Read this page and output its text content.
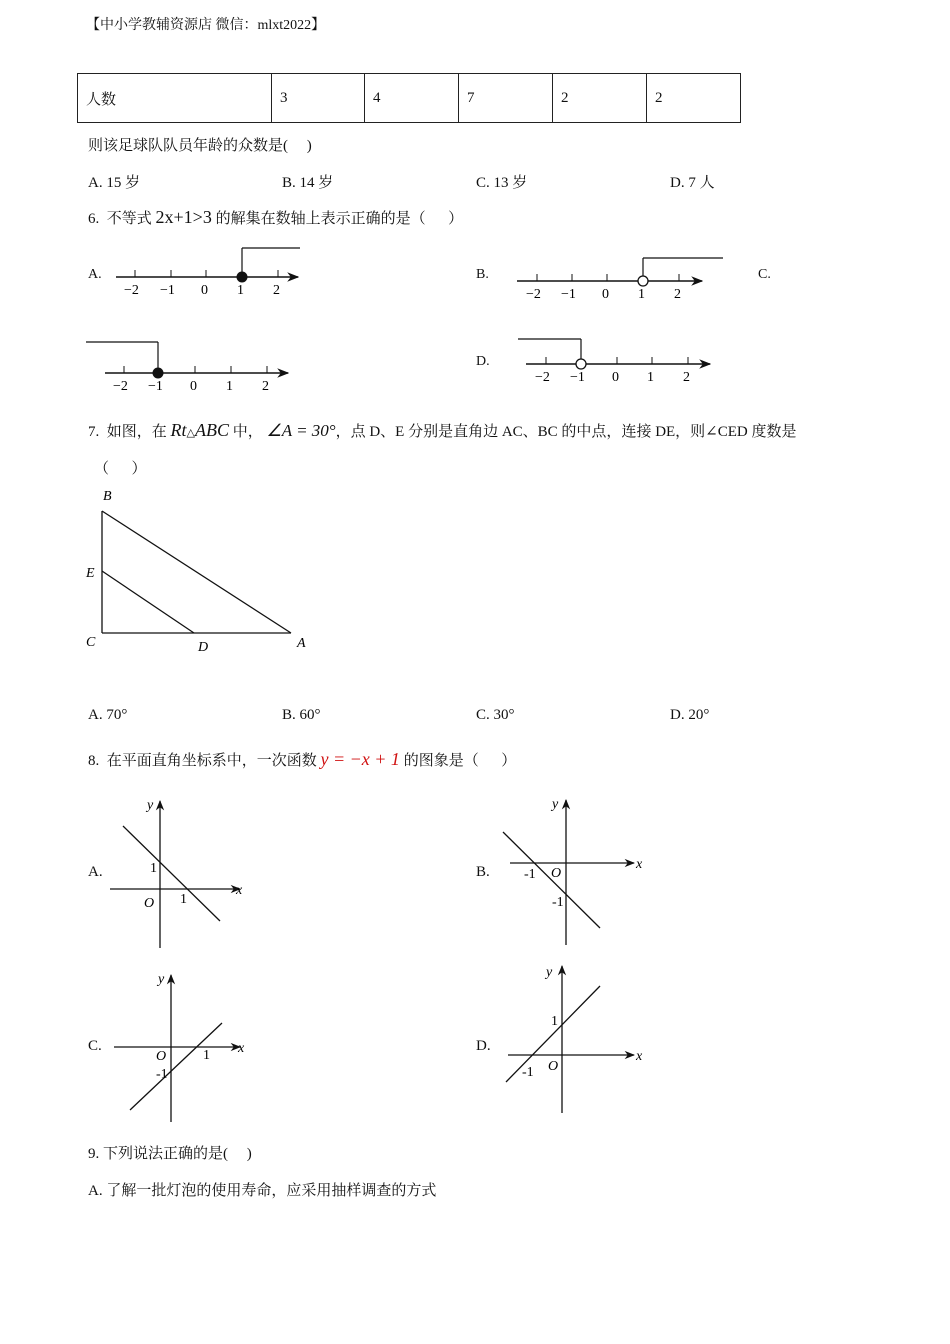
【中小学教辅资源店 微信：mlxt2022】
人数	3	4	7	2	2
则该足球队队员年龄的众数是(     )
A. 15 岁	B. 14 岁	C. 13 岁	D. 7 人
6. 不等式 2x+1>3 的解集在数轴上表示正确的是（      ）
A.	B.	C.
D.
−2 −1 0 1 2	−2 −1 0 1 2
−2 −1 0 1 2
−2 −1 0 1 2
B
E
C	D	A
y
x
O
1
1
y
x
O
-1
-1
y
x
O	1
-1
y
x
O
1
-1
7. 如图，在 Rt△ABC 中， ∠A = 30°，点 D、E 分别是直角边 AC、BC 的中点，连接 DE，则∠CED 度数是
（      ）
A. 70°	B. 60°	C. 30°	D. 20°
8. 在平面直角坐标系中，一次函数 y = −x + 1 的图象是（      ）
A.	B.
C.	D.
9. 下列说法正确的是(     )
A. 了解一批灯泡的使用寿命，应采用抽样调查的方式
